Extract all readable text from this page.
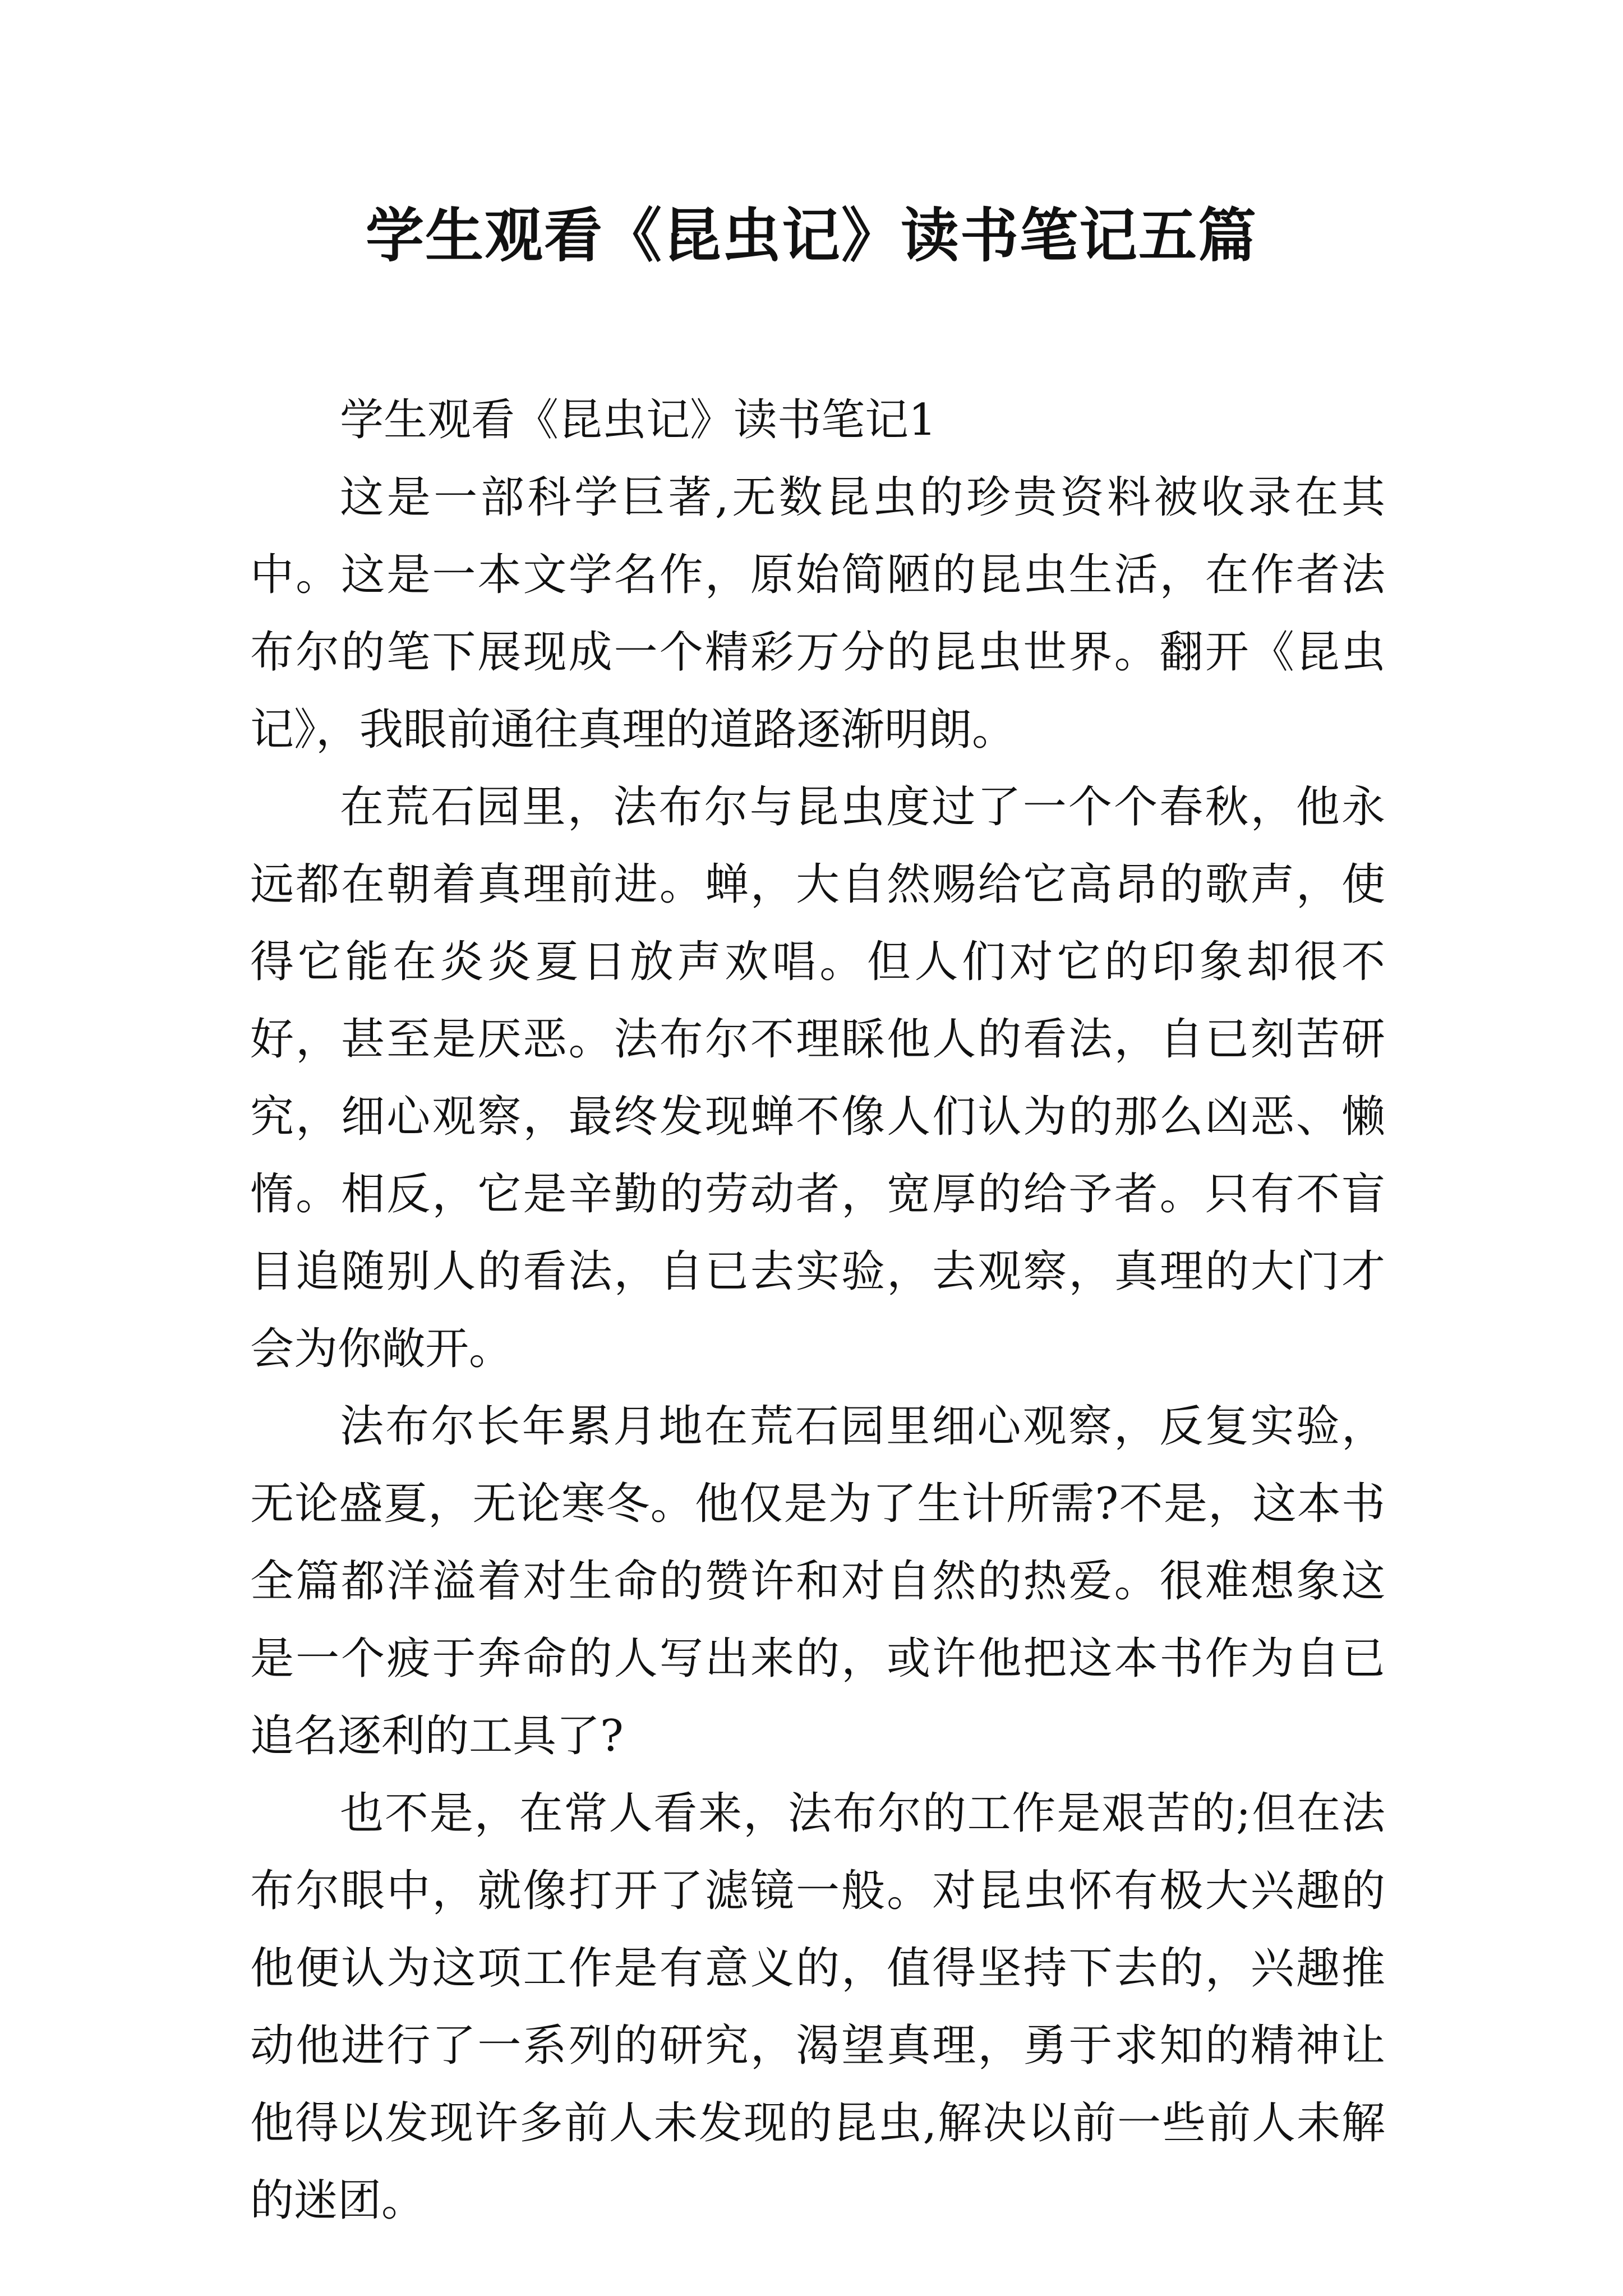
学生观看《昆虫记》读书笔记五篇

学生观看《昆虫记》读书笔记1

这是一部科学巨著,无数昆虫的珍贵资料被收录在其中。这是一本文学名作，原始简陋的昆虫生活，在作者法布尔的笔下展现成一个精彩万分的昆虫世界。翻开《昆虫记》，我眼前通往真理的道路逐渐明朗。

在荒石园里，法布尔与昆虫度过了一个个春秋，他永远都在朝着真理前进。蝉，大自然赐给它高昂的歌声，使得它能在炎炎夏日放声欢唱。但人们对它的印象却很不好，甚至是厌恶。法布尔不理睬他人的看法，自已刻苦研究，细心观察，最终发现蝉不像人们认为的那么凶恶、懒惰。相反，它是辛勤的劳动者，宽厚的给予者。只有不盲目追随别人的看法，自已去实验，去观察，真理的大门才会为你敞开。

法布尔长年累月地在荒石园里细心观察，反复实验，无论盛夏，无论寒冬。他仅是为了生计所需?不是，这本书全篇都洋溢着对生命的赞许和对自然的热爱。很难想象这是一个疲于奔命的人写出来的，或许他把这本书作为自已追名逐利的工具了?

也不是，在常人看来，法布尔的工作是艰苦的;但在法布尔眼中，就像打开了滤镜一般。对昆虫怀有极大兴趣的他便认为这项工作是有意义的，值得坚持下去的，兴趣推动他进行了一系列的研究，渴望真理，勇于求知的精神让他得以发现许多前人未发现的昆虫,解决以前一些前人未解的迷团。
